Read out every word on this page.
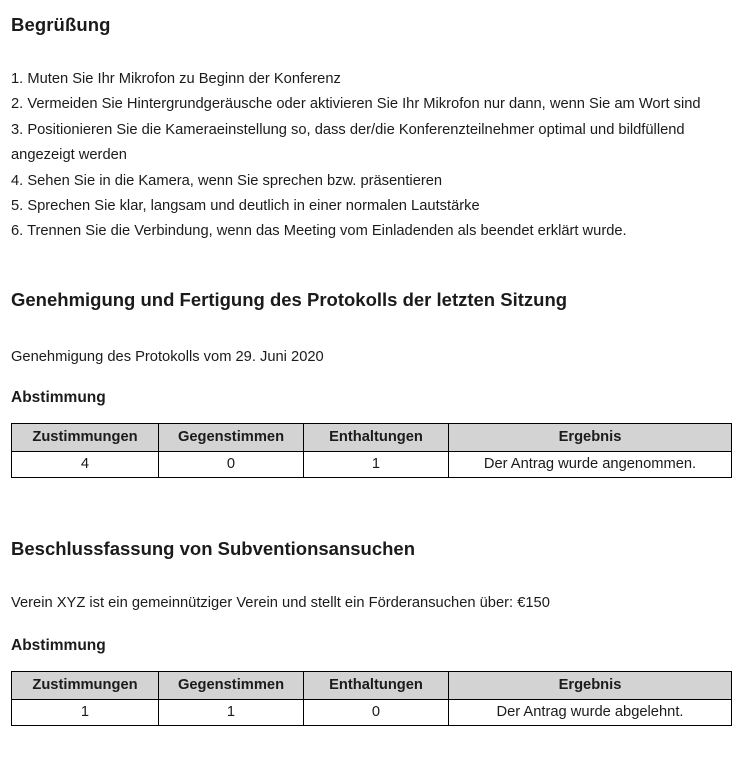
Begrüßung
1. Muten Sie Ihr Mikrofon zu Beginn der Konferenz
2. Vermeiden Sie Hintergrundgeräusche oder aktivieren Sie Ihr Mikrofon nur dann, wenn Sie am Wort sind
3. Positionieren Sie die Kameraeinstellung so, dass der/die Konferenzteilnehmer optimal und bildfüllend angezeigt werden
4. Sehen Sie in die Kamera, wenn Sie sprechen bzw. präsentieren
5. Sprechen Sie klar, langsam und deutlich in einer normalen Lautstärke
6. Trennen Sie die Verbindung, wenn das Meeting vom Einladenden als beendet erklärt wurde.
Genehmigung und Fertigung des Protokolls der letzten Sitzung

Genehmigung des Protokolls vom 29. Juni 2020

Abstimmung
Zustimmungen	Gegenstimmen	Enthaltungen	Ergebnis
4	0	1	Der Antrag wurde angenommen.
Beschlussfassung von Subventionsansuchen

Verein XYZ ist ein gemeinnütziger Verein und stellt ein Förderansuchen über: €150

Abstimmung
Zustimmungen	Gegenstimmen	Enthaltungen	Ergebnis
1	1	0	Der Antrag wurde abgelehnt.
